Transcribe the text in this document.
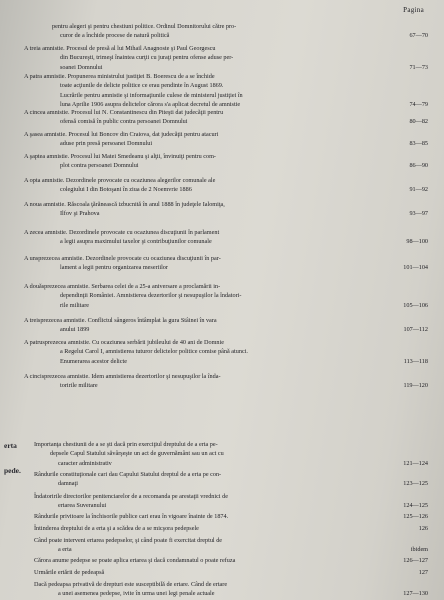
Pagina
erta
pede.
pentru alegeri şi pentru chestiuni politice. Ordinul Domnitorului către pro-
curor de a închide procese de natură politică	67—70
A treia amnistie. Procesul de presă al lui Mihail Anagnoste şi Paul Georgescu
din Bucureşti, trimeşi înaintea curţii cu juraţi pentru ofense aduse per-
soanei Domnului	71—73
A patra amnistie. Propunerea ministrului justiţiei B. Boerescu de a se închide
toate acţiunile de delicte politice ce erau pendinte în August 1869.
Lucrările pentru amnistie şi informaţiunile culese de ministerul justiţiei în
luna Aprilie 1906 asupra delictelor cărora s'a aplicat decretul de amnistie	74—79
A cincea amnistie. Procesul lui N. Constantinescu din Piteşti dat judecăţii pentru
ofensă comisă în public contra persoanei Domnului	80—82
A şasea amnistie. Procesul lui Boncov din Craiova, dat judecăţii pentru atacuri
aduse prin presă persoanei Domnului	83—85
A şaptea amnistie. Procesul lui Matei Smedeanu şi alţii, învinuiţi pentru com-
plot contra persoanei Domnului	86—90
A opta amnistie. Dezordinele provocate cu ocaziunea alegerilor comunale ale
colegiului I din Botoşani în ziua de 2 Noemvrie 1886	91—92
A noua amnistie. Răscoala ţărănească izbucnită în anul 1888 în judeţele Ialomiţa,
Ilfov şi Prahova	93—97
A zecea amnistie. Dezordinele provocate cu ocaziunea discuţiunii în parlament
a legii asupra maximului taxelor şi contribuţiunilor comunale	98—100
A unsprezecea amnistie. Dezordinele provocate cu ocaziunea discuţiunii în par-
lament a legii pentru organizarea meseriilor	101—104
A douăsprezecea amnistie. Serbarea celei de a 25-a aniversare a proclamării in-
dependinţii României. Amnistierea dezertorilor şi nesupuşilor la îndatori-
rile militare	105—106
A treisprezecea amnistie. Conflictul sângeros întâmplat la gura Stâinei în vara
anului 1899	107—112
A patrusprezecea amnistie. Cu ocaziunea serbării jubileului de 40 ani de Domnie
a Regelui Carol I, amnistierea tuturor delictelor politice comise până atunci.
Enumerarea acestor delicte	113—118
A cincisprezecea amnistie. Idem amnistierea dezertorilor şi nesupuşilor la înda-
toririle militare	119—120
Importanţa chestiunii de a se şti dacă prin exerciţiul dreptului de a erta pe-
depsele Capul Statului săvârşeşte un act de guvernământ sau un act cu
caracter administrativ	121—124
Rândurile constituţionale cari dau Capului Statului dreptul de a erta pe con-
damnaţi	123—125
Îndatoririle directorilor penitenciarelor de a recomanda pe arestaţii vrednici de
ertarea Suveranului	124—125
Rândurile privitoare la închisorile publice cari erau în vigoare înainte de 1874.	125—126
Întinderea dreptului de a erta şi a scădea de a se micşora pedepsele	126
Când poate interveni ertarea pedepselor, şi când poate fi exercitat dreptul de
a erta	ibidem
Cărora anume pedepse se poate aplica ertarea şi dacă condamnatul o poate refuza	126—127
Urmările ertării de pedeapsă	127
Dacă pedeapsa privativă de drepturi este susceptibilă de ertare. Când de ertare
a unei asemenea pedepse, ivite în urma unei legi penale actuale	127—130
